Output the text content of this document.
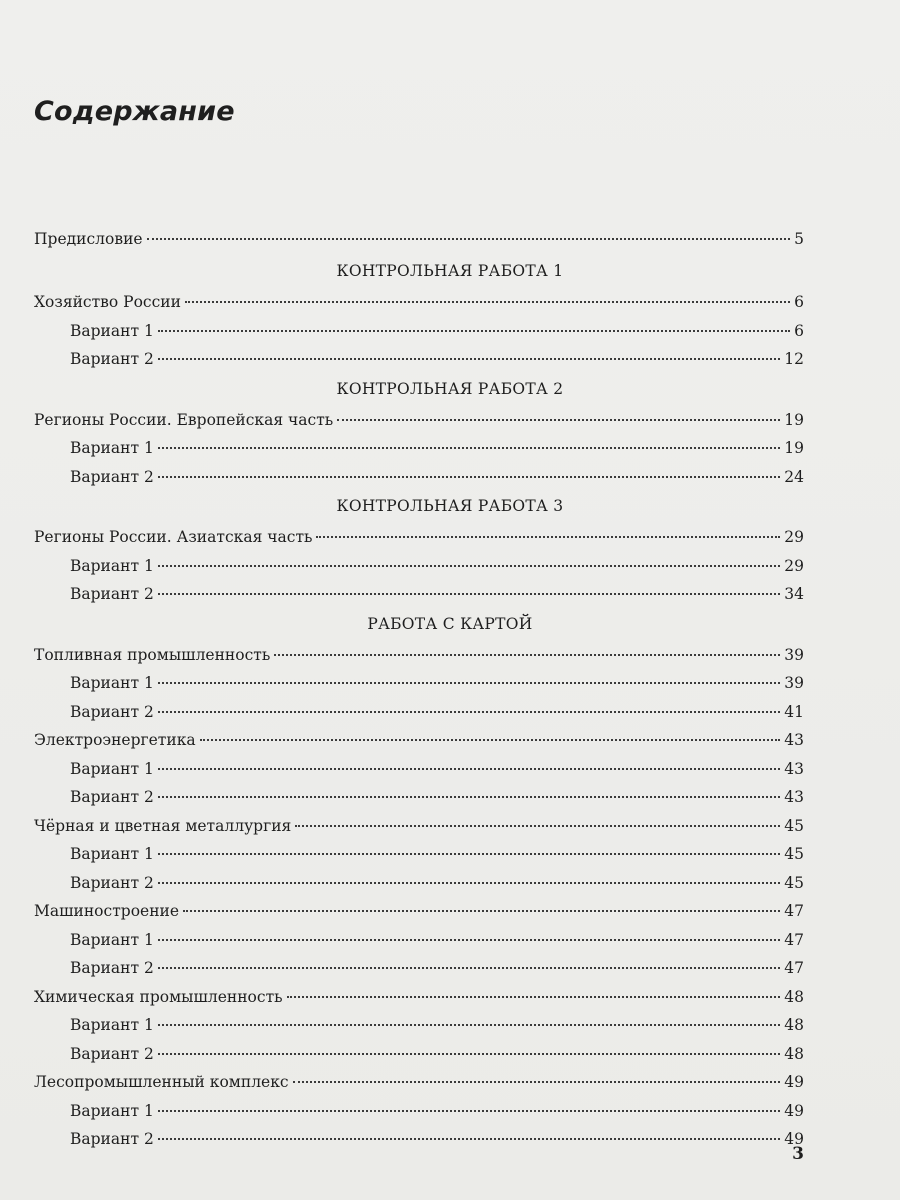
Содержание
Предисловие	5
КОНТРОЛЬНАЯ РАБОТА 1
Хозяйство России	6
Вариант 1	6
Вариант 2	12
КОНТРОЛЬНАЯ РАБОТА 2
Регионы России. Европейская часть	19
Вариант 1	19
Вариант 2	24
КОНТРОЛЬНАЯ РАБОТА 3
Регионы России. Азиатская часть	29
Вариант 1	29
Вариант 2	34
РАБОТА С КАРТОЙ
Топливная промышленность	39
Вариант 1	39
Вариант 2	41
Электроэнергетика	43
Вариант 1	43
Вариант 2	43
Чёрная и цветная металлургия	45
Вариант 1	45
Вариант 2	45
Машиностроение	47
Вариант 1	47
Вариант 2	47
Химическая промышленность	48
Вариант 1	48
Вариант 2	48
Лесопромышленный комплекс	49
Вариант 1	49
Вариант 2	49
3
